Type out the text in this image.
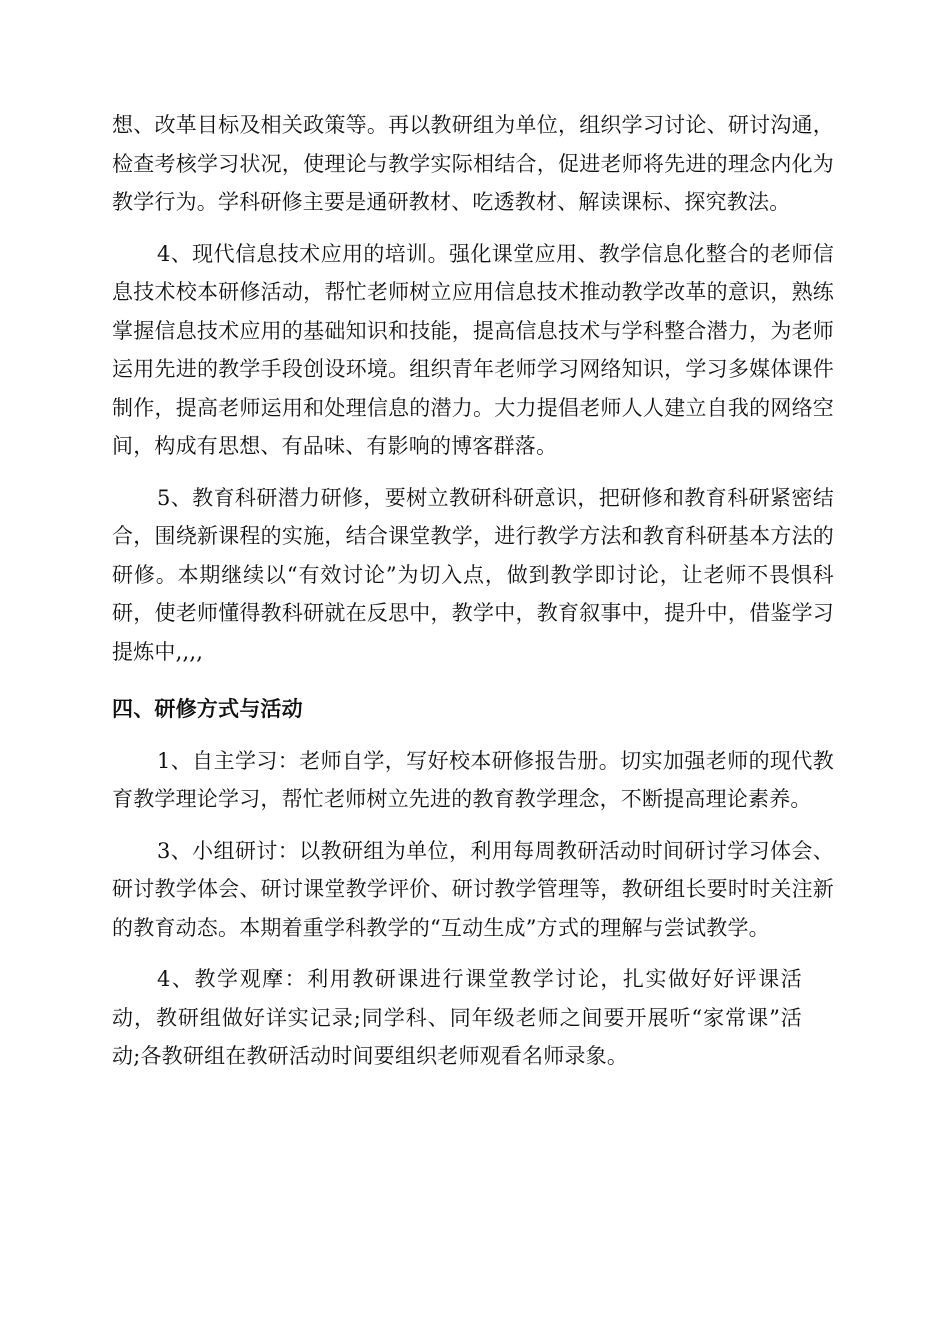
想、改革目标及相关政策等。再以教研组为单位，组织学习讨论、研讨沟通，检查考核学习状况，使理论与教学实际相结合，促进老师将先进的理念内化为教学行为。学科研修主要是通研教材、吃透教材、解读课标、探究教法。

4、现代信息技术应用的培训。强化课堂应用、教学信息化整合的老师信息技术校本研修活动，帮忙老师树立应用信息技术推动教学改革的意识，熟练掌握信息技术应用的基础知识和技能，提高信息技术与学科整合潜力，为老师运用先进的教学手段创设环境。组织青年老师学习网络知识，学习多媒体课件制作，提高老师运用和处理信息的潜力。大力提倡老师人人建立自我的网络空间，构成有思想、有品味、有影响的博客群落。

5、教育科研潜力研修，要树立教研科研意识，把研修和教育科研紧密结合，围绕新课程的实施，结合课堂教学，进行教学方法和教育科研基本方法的研修。本期继续以“有效讨论”为切入点，做到教学即讨论，让老师不畏惧科研，使老师懂得教科研就在反思中，教学中，教育叙事中，提升中，借鉴学习提炼中,,,,

四、研修方式与活动

1、自主学习：老师自学，写好校本研修报告册。切实加强老师的现代教育教学理论学习，帮忙老师树立先进的教育教学理念，不断提高理论素养。

3、小组研讨：以教研组为单位，利用每周教研活动时间研讨学习体会、研讨教学体会、研讨课堂教学评价、研讨教学管理等，教研组长要时时关注新的教育动态。本期着重学科教学的“互动生成”方式的理解与尝试教学。

4、教学观摩：利用教研课进行课堂教学讨论，扎实做好好评课活动，教研组做好详实记录;同学科、同年级老师之间要开展听“家常课”活动;各教研组在教研活动时间要组织老师观看名师录象。
